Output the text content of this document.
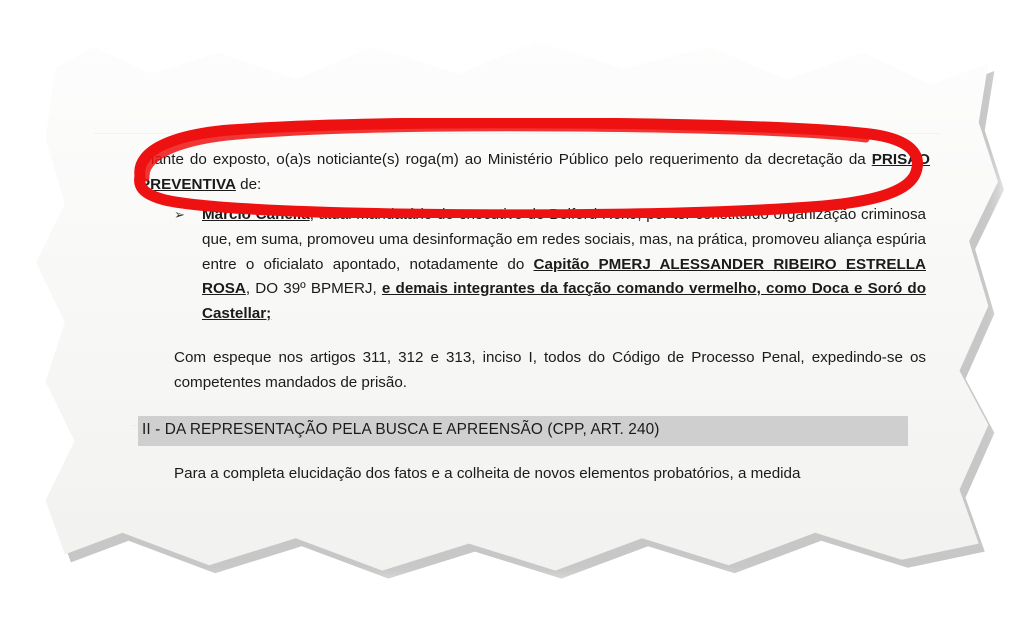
Diante do exposto, o(a)s noticiante(s) roga(m) ao Ministério Público pelo requerimento da decretação da PRISÃO PREVENTIVA de:

➢ Márcio Canella, atual mandatário do executivo de Belford Roxo, por ter constituído organização criminosa que, em suma, promoveu uma desinformação em redes sociais, mas, na prática, promoveu aliança espúria entre o oficialato apontado, notadamente do Capitão PMERJ ALESSANDER RIBEIRO ESTRELLA ROSA, DO 39º BPMERJ, e demais integrantes da facção comando vermelho, como Doca e Soró do Castellar;

Com espeque nos artigos 311, 312 e 313, inciso I, todos do Código de Processo Penal, expedindo-se os competentes mandados de prisão.

II - DA REPRESENTAÇÃO PELA BUSCA E APREENSÃO (CPP, ART. 240)

Para a completa elucidação dos fatos e a colheita de novos elementos probatórios, a medida
